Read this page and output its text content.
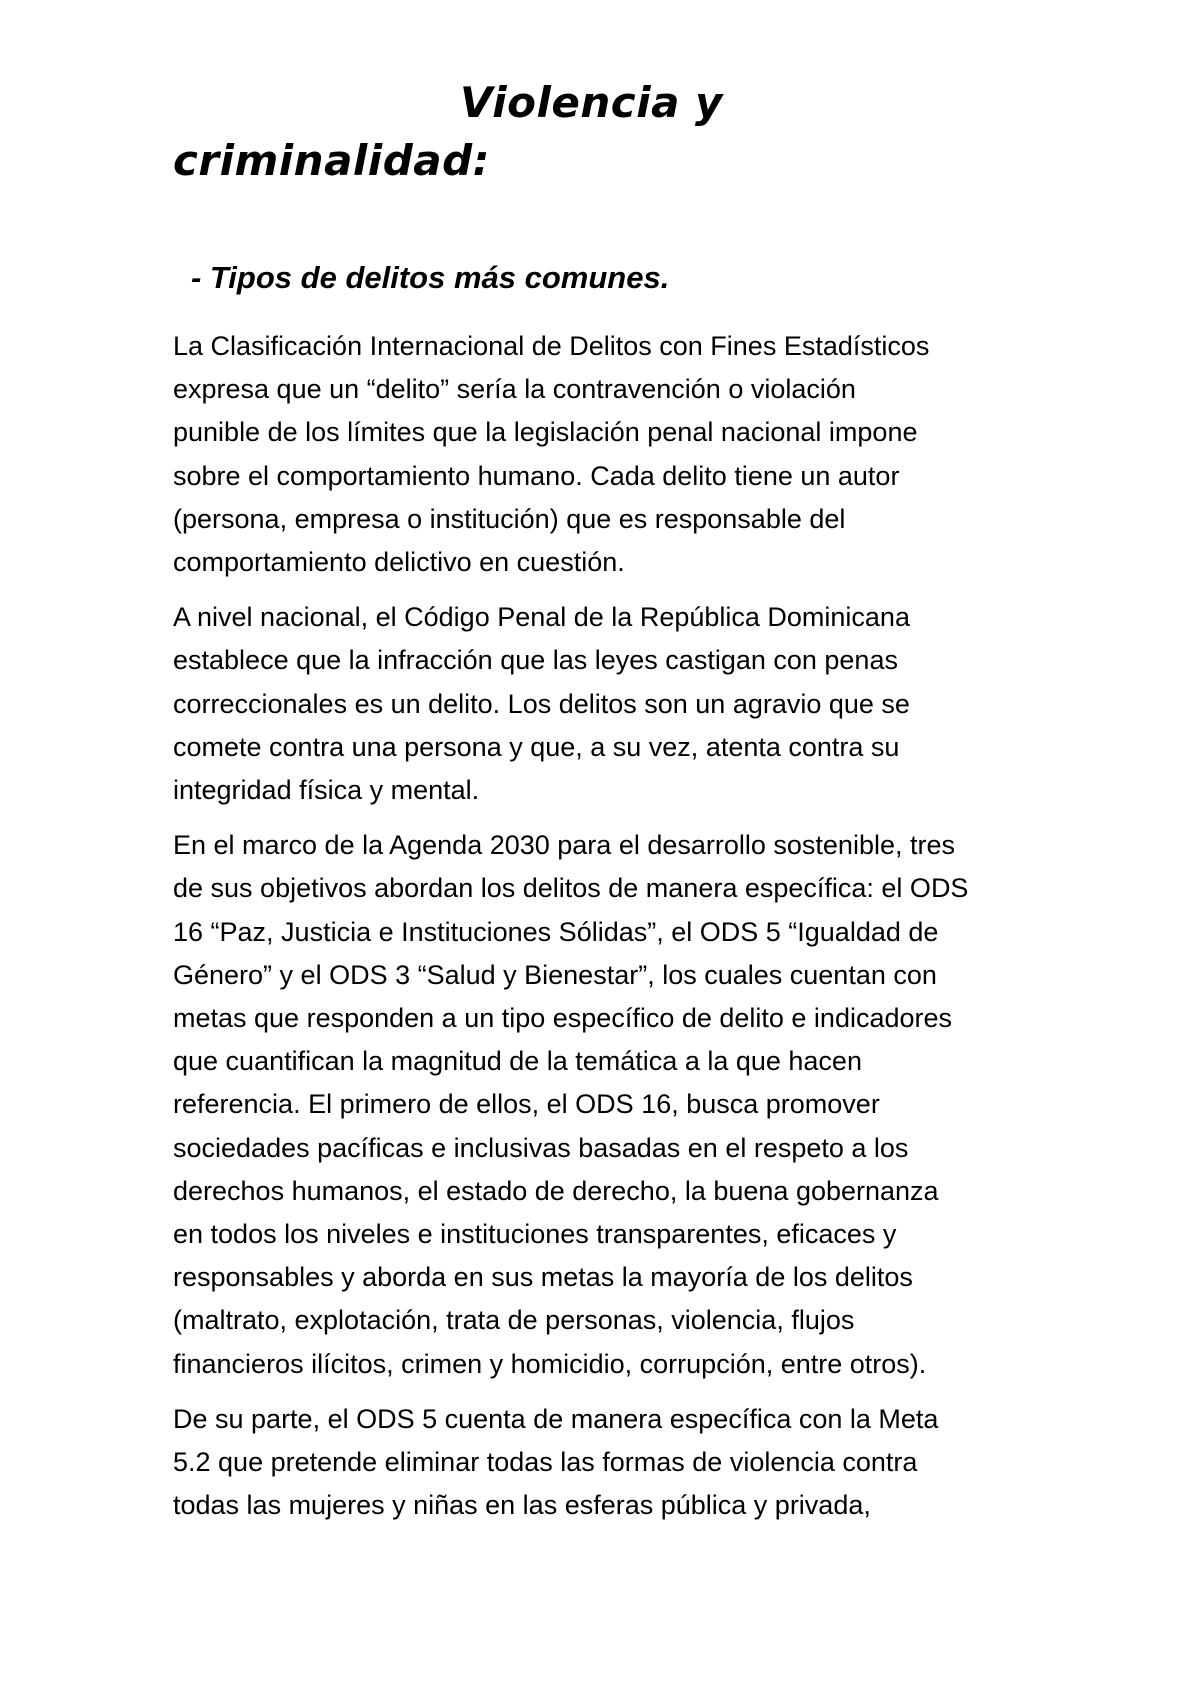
Violencia y
criminalidad:
- Tipos de delitos más comunes.

La Clasificación Internacional de Delitos con Fines Estadísticos
expresa que un “delito” sería la contravención o violación
punible de los límites que la legislación penal nacional impone
sobre el comportamiento humano. Cada delito tiene un autor
(persona, empresa o institución) que es responsable del
comportamiento delictivo en cuestión.

A nivel nacional, el Código Penal de la República Dominicana
establece que la infracción que las leyes castigan con penas
correccionales es un delito. Los delitos son un agravio que se
comete contra una persona y que, a su vez, atenta contra su
integridad física y mental.

En el marco de la Agenda 2030 para el desarrollo sostenible, tres
de sus objetivos abordan los delitos de manera específica: el ODS
16 “Paz, Justicia e Instituciones Sólidas”, el ODS 5 “Igualdad de
Género” y el ODS 3 “Salud y Bienestar”, los cuales cuentan con
metas que responden a un tipo específico de delito e indicadores
que cuantifican la magnitud de la temática a la que hacen
referencia. El primero de ellos, el ODS 16, busca promover
sociedades pacíficas e inclusivas basadas en el respeto a los
derechos humanos, el estado de derecho, la buena gobernanza
en todos los niveles e instituciones transparentes, eficaces y
responsables y aborda en sus metas la mayoría de los delitos
(maltrato, explotación, trata de personas, violencia, flujos
financieros ilícitos, crimen y homicidio, corrupción, entre otros).

De su parte, el ODS 5 cuenta de manera específica con la Meta
5.2 que pretende eliminar todas las formas de violencia contra
todas las mujeres y niñas en las esferas pública y privada,
